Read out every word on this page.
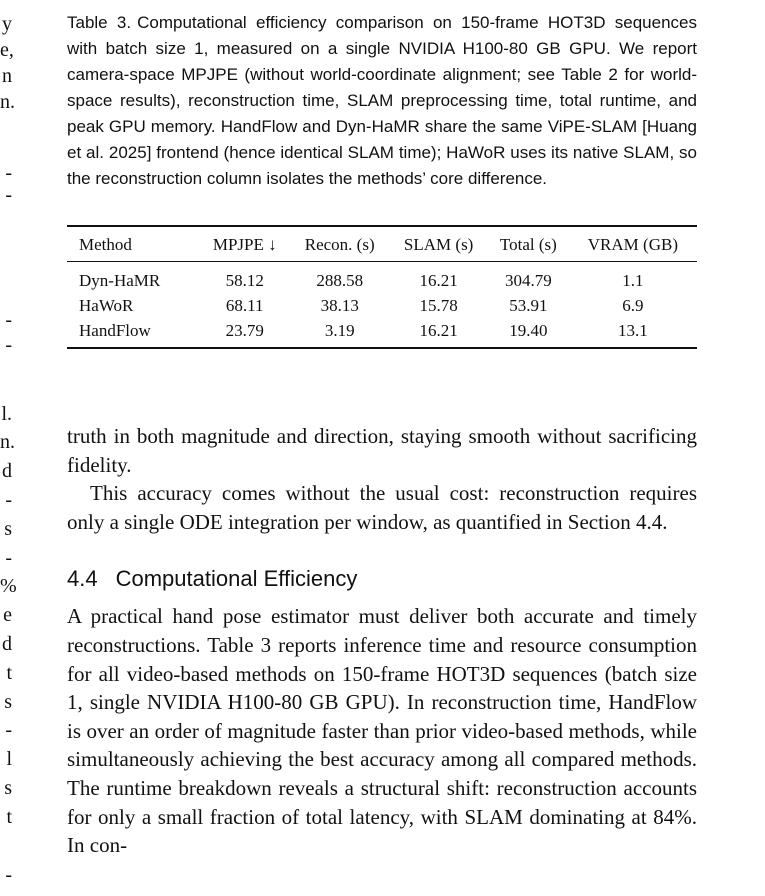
y
e,
n
n.
-
-
-
-
l.
n.
d
-
s
-
%
e
d
t
s
-
l
s
t
-

Table 3. Computational efficiency comparison on 150-frame HOT3D sequences with batch size 1, measured on a single NVIDIA H100-80 GB GPU. We report camera-space MPJPE (without world-coordinate alignment; see Table 2 for world-space results), reconstruction time, SLAM preprocessing time, total runtime, and peak GPU memory. HandFlow and Dyn-HaMR share the same ViPE-SLAM [Huang et al. 2025] frontend (hence identical SLAM time); HaWoR uses its native SLAM, so the reconstruction column isolates the methods’ core difference.

Method	MPJPE ↓	Recon. (s)	SLAM (s)	Total (s)	VRAM (GB)
Dyn-HaMR	58.12	288.58	16.21	304.79	1.1
HaWoR	68.11	38.13	15.78	53.91	6.9
HandFlow	23.79	3.19	16.21	19.40	13.1

truth in both magnitude and direction, staying smooth without sacrificing fidelity.

This accuracy comes without the usual cost: reconstruction requires only a single ODE integration per window, as quantified in Section 4.4.

4.4 Computational Efficiency

A practical hand pose estimator must deliver both accurate and timely reconstructions. Table 3 reports inference time and resource consumption for all video-based methods on 150-frame HOT3D sequences (batch size 1, single NVIDIA H100-80 GB GPU). In reconstruction time, HandFlow is over an order of magnitude faster than prior video-based methods, while simultaneously achieving the best accuracy among all compared methods. The runtime breakdown reveals a structural shift: reconstruction accounts for only a small fraction of total latency, with SLAM dominating at 84%. In con-
